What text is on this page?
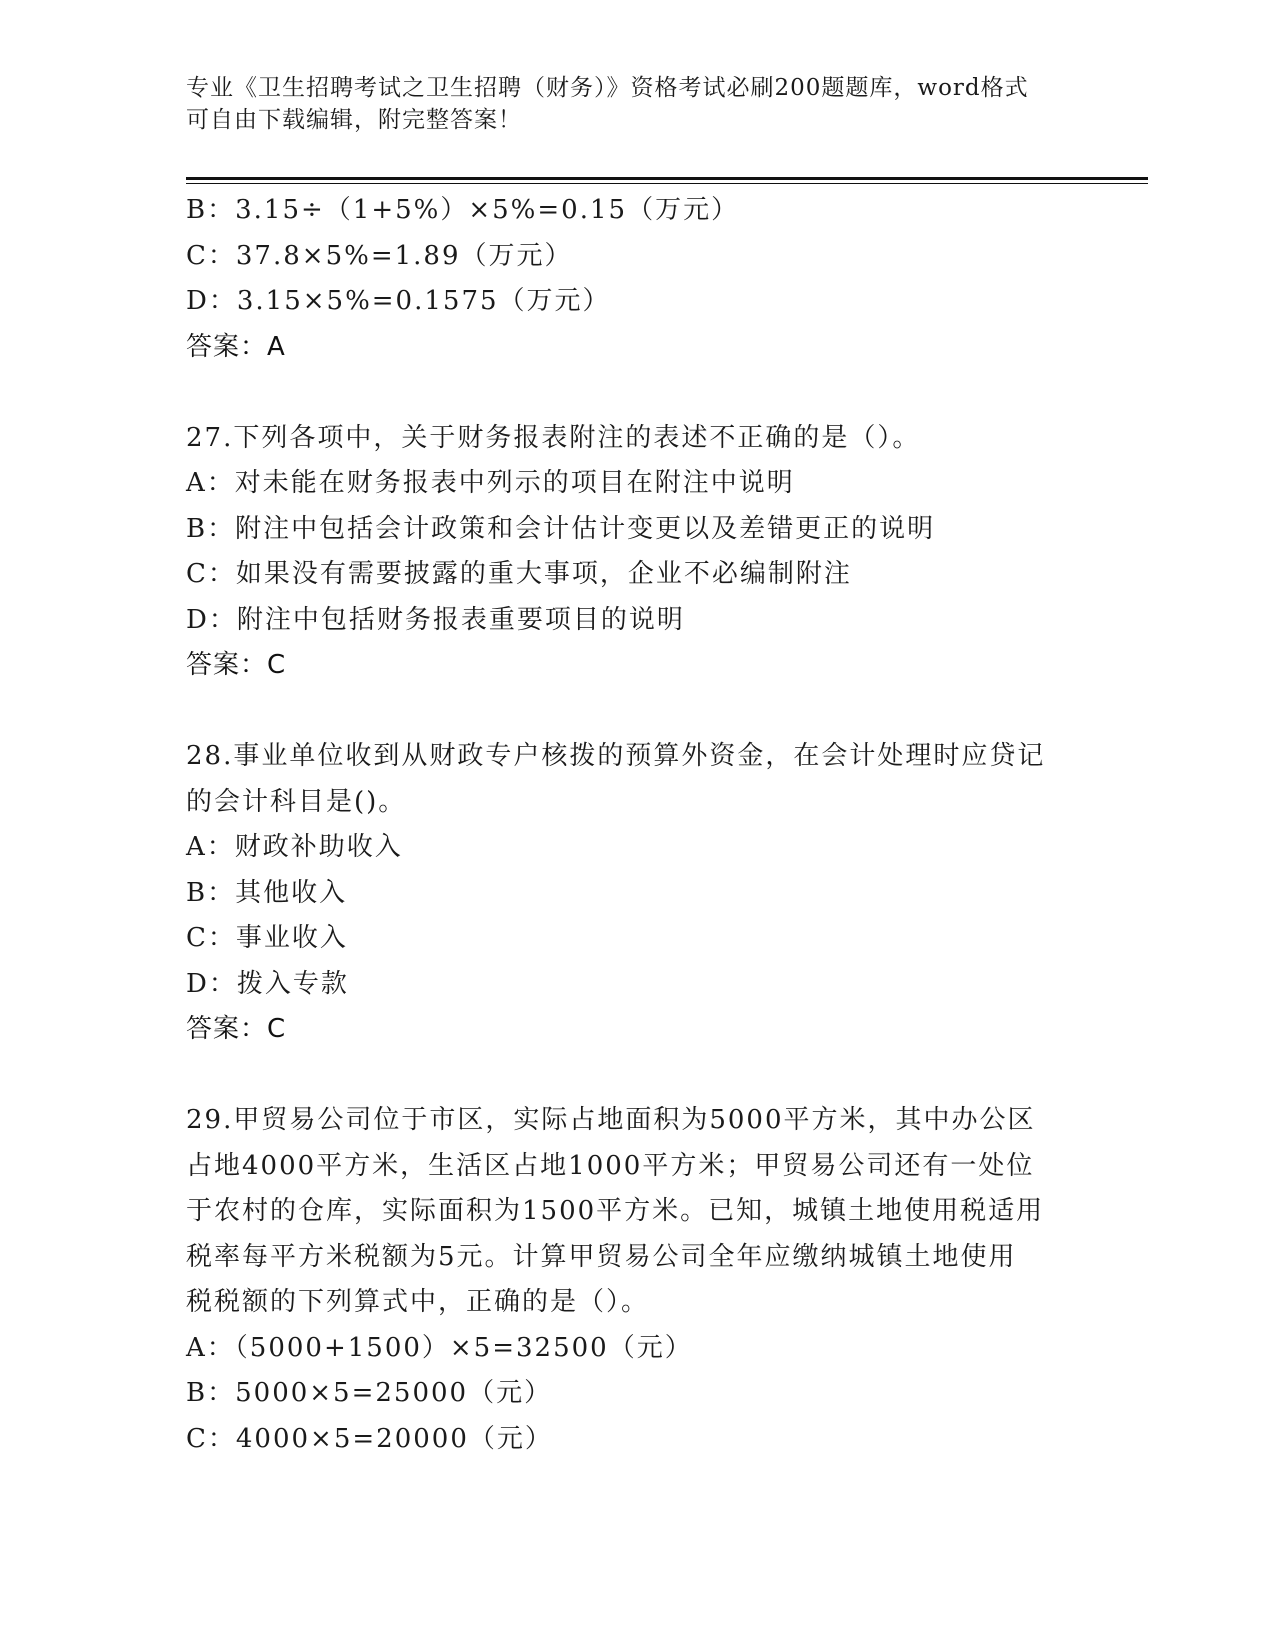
专业《卫生招聘考试之卫生招聘（财务）》资格考试必刷200题题库，word格式
可自由下载编辑，附完整答案！
B：3.15÷（1+5%）×5%=0.15（万元）
C：37.8×5%=1.89（万元）
D：3.15×5%=0.1575（万元）
答案：A
27.下列各项中，关于财务报表附注的表述不正确的是（）。
A：对未能在财务报表中列示的项目在附注中说明
B：附注中包括会计政策和会计估计变更以及差错更正的说明
C：如果没有需要披露的重大事项，企业不必编制附注
D：附注中包括财务报表重要项目的说明
答案：C
28.事业单位收到从财政专户核拨的预算外资金，在会计处理时应贷记
的会计科目是()。
A：财政补助收入
B：其他收入
C：事业收入
D：拨入专款
答案：C
29.甲贸易公司位于市区，实际占地面积为5000平方米，其中办公区
占地4000平方米，生活区占地1000平方米；甲贸易公司还有一处位
于农村的仓库，实际面积为1500平方米。已知，城镇土地使用税适用
税率每平方米税额为5元。计算甲贸易公司全年应缴纳城镇土地使用
税税额的下列算式中，正确的是（）。
A：（5000+1500）×5=32500（元）
B：5000×5=25000（元）
C：4000×5=20000（元）
